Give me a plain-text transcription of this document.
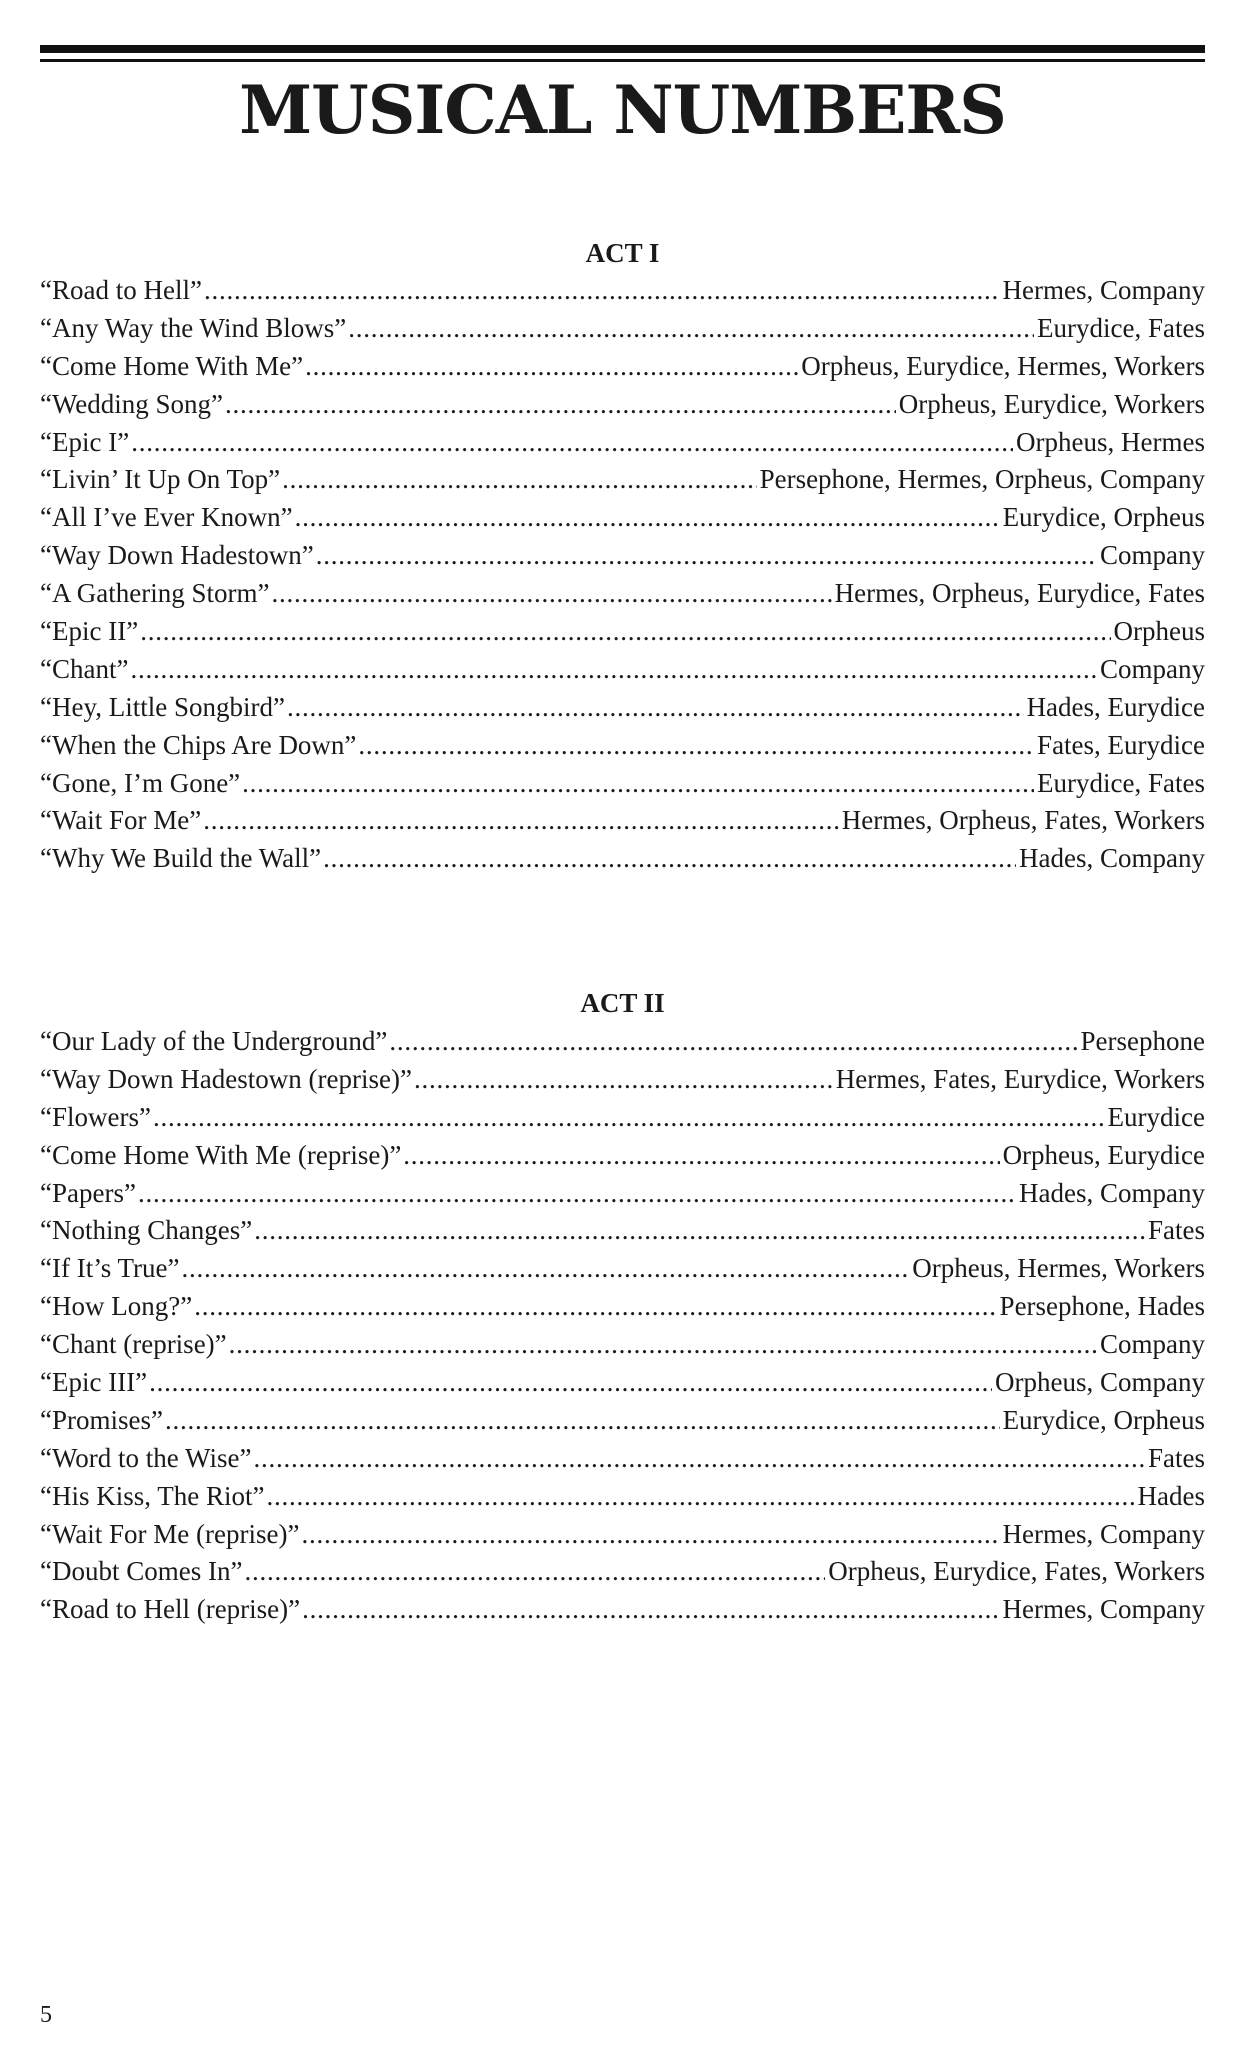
MUSICAL NUMBERS
ACT I
“Road to Hell” . . .	Hermes, Company
“Any Way the Wind Blows” . . .	Eurydice, Fates
“Come Home With Me” . . .	Orpheus, Eurydice, Hermes, Workers
“Wedding Song” . . .	Orpheus, Eurydice, Workers
“Epic I” . . .	Orpheus, Hermes
“Livin’ It Up On Top” . . .	Persephone, Hermes, Orpheus, Company
“All I’ve Ever Known” . . .	Eurydice, Orpheus
“Way Down Hadestown” . . .	Company
“A Gathering Storm” . . .	Hermes, Orpheus, Eurydice, Fates
“Epic II” . . .	Orpheus
“Chant” . . .	Company
“Hey, Little Songbird” . . .	Hades, Eurydice
“When the Chips Are Down” . . .	Fates, Eurydice
“Gone, I’m Gone” . . .	Eurydice, Fates
“Wait For Me” . . .	Hermes, Orpheus, Fates, Workers
“Why We Build the Wall” . . .	Hades, Company
ACT II
“Our Lady of the Underground” . . .	Persephone
“Way Down Hadestown (reprise)” . . .	Hermes, Fates, Eurydice, Workers
“Flowers” . . .	Eurydice
“Come Home With Me (reprise)” . . .	Orpheus, Eurydice
“Papers” . . .	Hades, Company
“Nothing Changes” . . .	Fates
“If It’s True” . . .	Orpheus, Hermes, Workers
“How Long?” . . .	Persephone, Hades
“Chant (reprise)” . . .	Company
“Epic III” . . .	Orpheus, Company
“Promises” . . .	Eurydice, Orpheus
“Word to the Wise” . . .	Fates
“His Kiss, The Riot” . . .	Hades
“Wait For Me (reprise)” . . .	Hermes, Company
“Doubt Comes In” . . .	Orpheus, Eurydice, Fates, Workers
“Road to Hell (reprise)” . . .	Hermes, Company
5
